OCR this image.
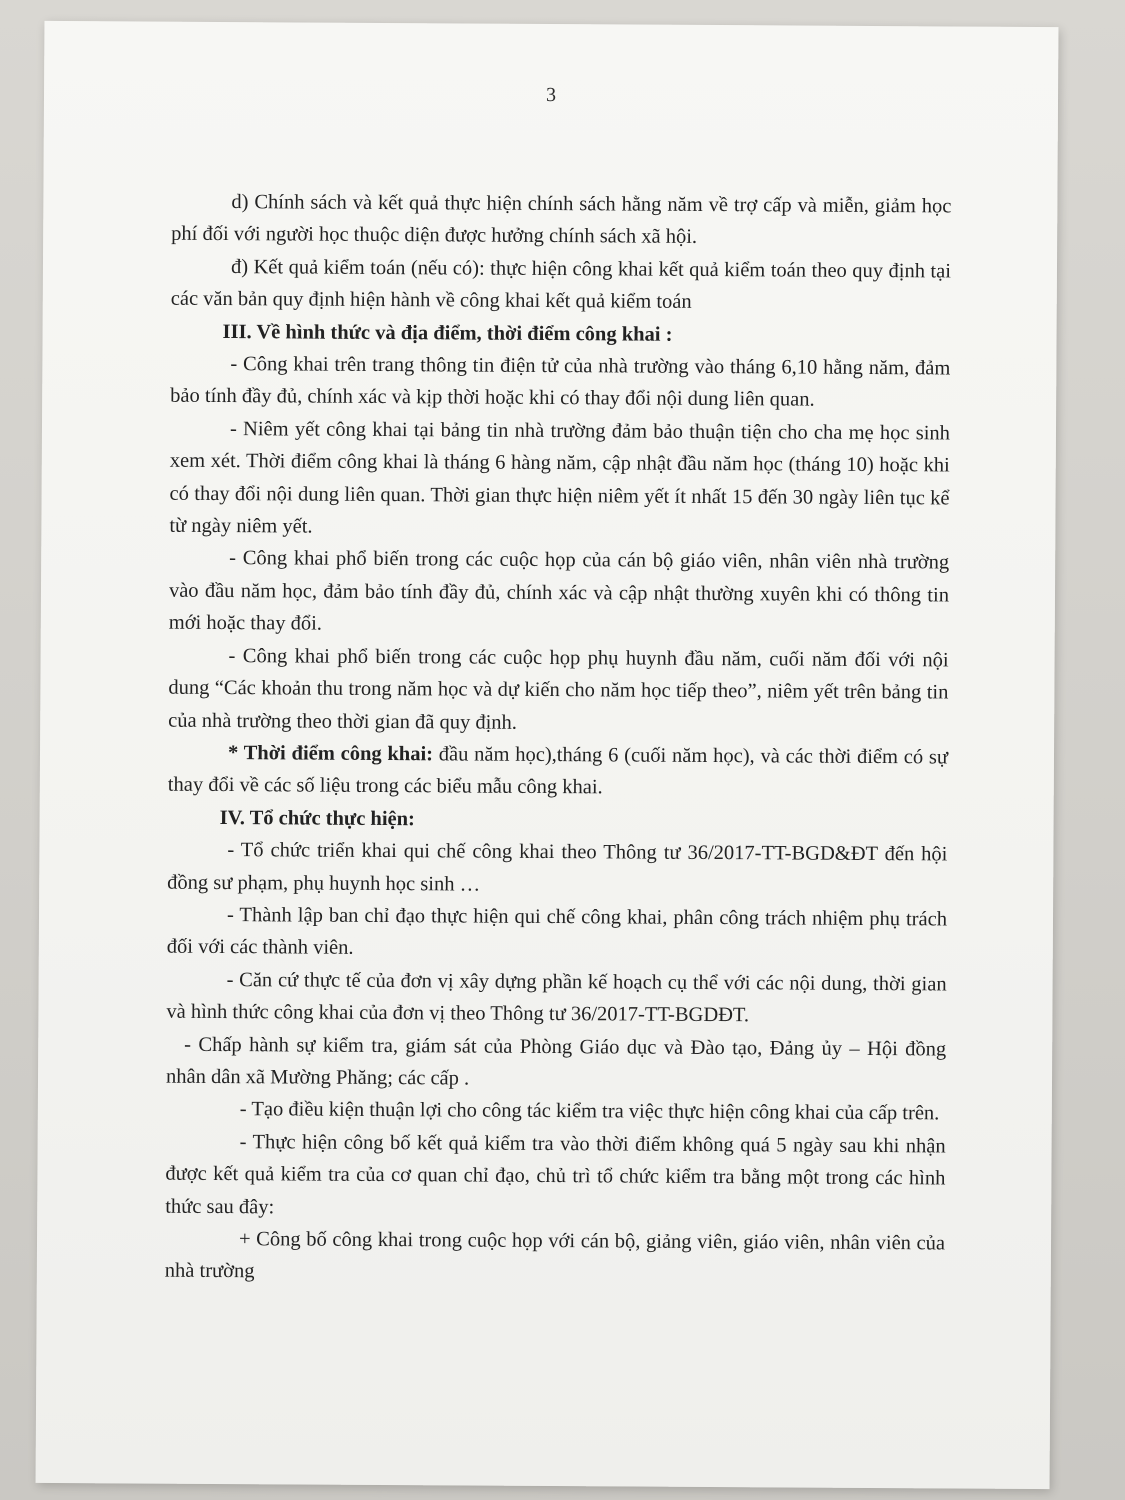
3

d) Chính sách và kết quả thực hiện chính sách hằng năm về trợ cấp và miễn, giảm học phí đối với người học thuộc diện được hưởng chính sách xã hội.

đ) Kết quả kiểm toán (nếu có): thực hiện công khai kết quả kiểm toán theo quy định tại các văn bản quy định hiện hành về công khai kết quả kiểm toán

III. Về hình thức và địa điểm, thời điểm công khai :

- Công khai trên trang thông tin điện tử của nhà trường vào tháng 6,10 hằng năm, đảm bảo tính đầy đủ, chính xác và kịp thời hoặc khi có thay đổi nội dung liên quan.

- Niêm yết công khai tại bảng tin nhà trường đảm bảo thuận tiện cho cha mẹ học sinh xem xét. Thời điểm công khai là tháng 6 hàng năm, cập nhật đầu năm học (tháng 10) hoặc khi có thay đổi nội dung liên quan. Thời gian thực hiện niêm yết ít nhất 15 đến 30 ngày liên tục kể từ ngày niêm yết.

- Công khai phổ biến trong các cuộc họp của cán bộ giáo viên, nhân viên nhà trường vào đầu năm học, đảm bảo tính đầy đủ, chính xác và cập nhật thường xuyên khi có thông tin mới hoặc thay đổi.

- Công khai phổ biến trong các cuộc họp phụ huynh đầu năm, cuối năm đối với nội dung “Các khoản thu trong năm học và dự kiến cho năm học tiếp theo”, niêm yết trên bảng tin của nhà trường theo thời gian đã quy định.

* Thời điểm công khai: đầu năm học),tháng 6 (cuối năm học), và các thời điểm có sự thay đổi về các số liệu trong các biểu mẫu công khai.

IV. Tổ chức thực hiện:

- Tổ chức triển khai qui chế công khai theo Thông tư 36/2017-TT-BGD&ĐT đến hội đồng sư phạm, phụ huynh học sinh …

- Thành lập ban chỉ đạo thực hiện qui chế công khai, phân công trách nhiệm phụ trách đối với các thành viên.

- Căn cứ thực tế của đơn vị xây dựng phần kế hoạch cụ thể với các nội dung, thời gian và hình thức công khai của đơn vị theo Thông tư 36/2017-TT-BGDĐT.

- Chấp hành sự kiểm tra, giám sát của Phòng Giáo dục và Đào tạo, Đảng ủy – Hội đồng nhân dân xã Mường Phăng; các cấp .

- Tạo điều kiện thuận lợi cho công tác kiểm tra việc thực hiện công khai của cấp trên.

- Thực hiện công bố kết quả kiểm tra vào thời điểm không quá 5 ngày sau khi nhận được kết quả kiểm tra của cơ quan chỉ đạo, chủ trì tổ chức kiểm tra bằng một trong các hình thức sau đây:

+ Công bố công khai trong cuộc họp với cán bộ, giảng viên, giáo viên, nhân viên của nhà trường
